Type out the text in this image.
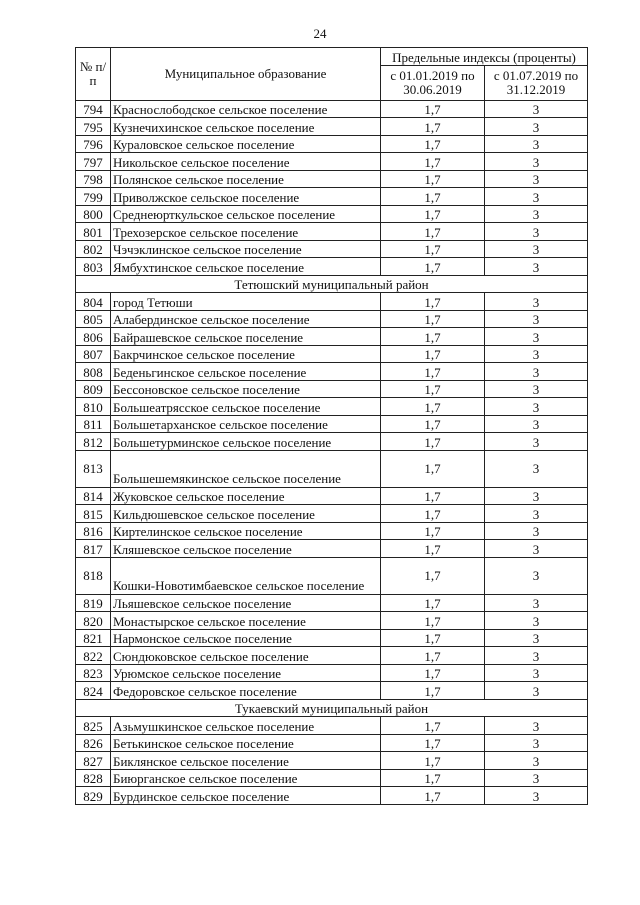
24
№ п/п	Муниципальное образование	Предельные индексы (проценты)	
		с 01.01.2019 по 30.06.2019	с 01.07.2019 по 31.12.2019
794	Краснослободское сельское поселение	1,7	3
795	Кузнечихинское сельское поселение	1,7	3
796	Кураловское сельское поселение	1,7	3
797	Никольское сельское поселение	1,7	3
798	Полянское сельское поселение	1,7	3
799	Приволжское сельское поселение	1,7	3
800	Среднеюрткульское сельское поселение	1,7	3
801	Трехозерское сельское поселение	1,7	3
802	Чэчэклинское сельское поселение	1,7	3
803	Ямбухтинское сельское поселение	1,7	3
Тетюшский муниципальный район			
804	город Тетюши	1,7	3
805	Алабердинское сельское поселение	1,7	3
806	Байрашевское сельское поселение	1,7	3
807	Бакрчинское сельское поселение	1,7	3
808	Беденьгинское сельское поселение	1,7	3
809	Бессоновское сельское поселение	1,7	3
810	Большеатрясское сельское поселение	1,7	3
811	Большетарханское сельское поселение	1,7	3
812	Большетурминское сельское поселение	1,7	3
813	Большешемякинское сельское поселение	1,7	3
814	Жуковское сельское поселение	1,7	3
815	Кильдюшевское сельское поселение	1,7	3
816	Киртелинское сельское поселение	1,7	3
817	Кляшевское сельское поселение	1,7	3
818	Кошки-Новотимбаевское сельское поселение	1,7	3
819	Льяшевское сельское поселение	1,7	3
820	Монастырское сельское поселение	1,7	3
821	Нармонское сельское поселение	1,7	3
822	Сюндюковское сельское поселение	1,7	3
823	Урюмское сельское поселение	1,7	3
824	Федоровское сельское поселение	1,7	3
Тукаевский муниципальный район			
825	Азьмушкинское сельское поселение	1,7	3
826	Бетькинское сельское поселение	1,7	3
827	Биклянское сельское поселение	1,7	3
828	Биюрганское сельское поселение	1,7	3
829	Бурдинское сельское поселение	1,7	3
